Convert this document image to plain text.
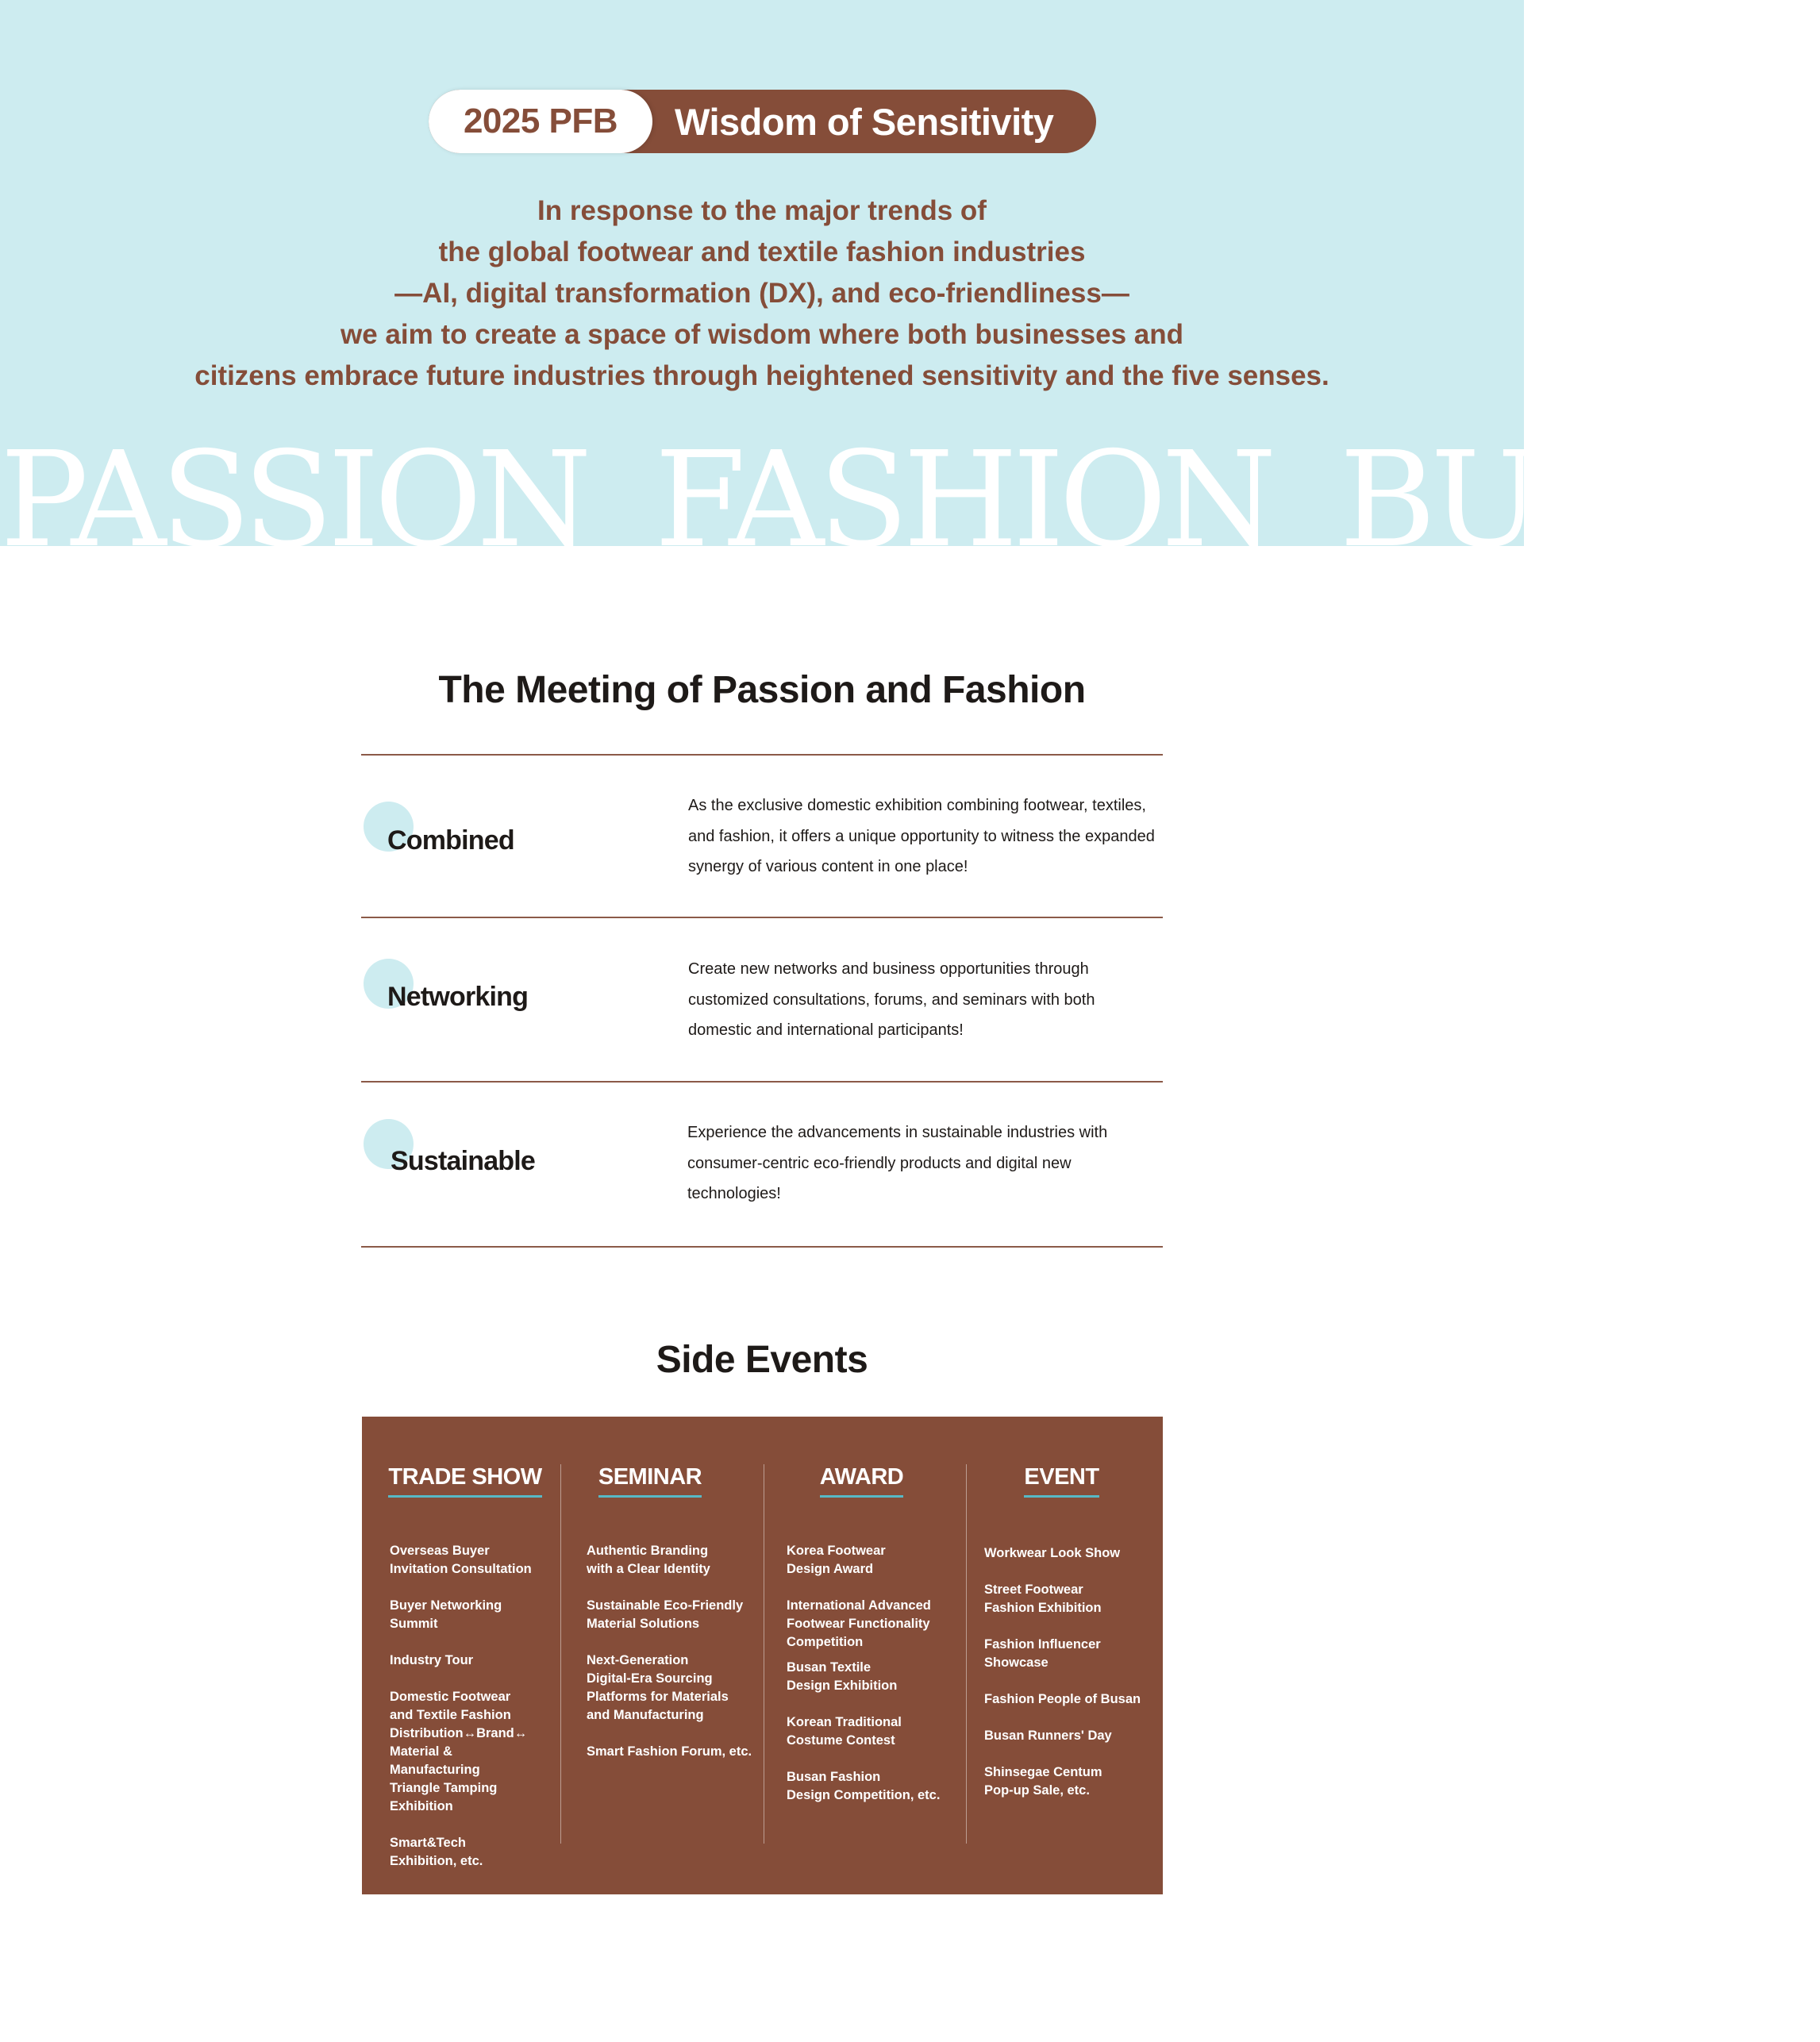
2025 PFB	Wisdom of Sensitivity
In response to the major trends of
the global footwear and textile fashion industries
—AI, digital transformation (DX), and eco-friendliness—
we aim to create a space of wisdom where both businesses and
citizens embrace future industries through heightened sensitivity and the five senses.
PASSION FASHION BUSAN
The Meeting of Passion and Fashion
Combined
As the exclusive domestic exhibition combining footwear, textiles, and fashion, it offers a unique opportunity to witness the expanded synergy of various content in one place!
Networking
Create new networks and business opportunities through customized consultations, forums, and seminars with both domestic and international participants!
Sustainable
Experience the advancements in sustainable industries with consumer-centric eco-friendly products and digital new technologies!
Side Events
TRADE SHOW
Overseas Buyer
Invitation Consultation
Buyer Networking
Summit
Industry Tour
Domestic Footwear
and Textile Fashion
Distribution↔Brand↔
Material & Manufacturing
Triangle Tamping
Exhibition
Smart&Tech
Exhibition, etc.
SEMINAR
Authentic Branding
with a Clear Identity
Sustainable Eco-Friendly
Material Solutions
Next-Generation
Digital-Era Sourcing
Platforms for Materials
and Manufacturing
Smart Fashion Forum, etc.
AWARD
Korea Footwear
Design Award
International Advanced
Footwear Functionality
Competition
Busan Textile
Design Exhibition
Korean Traditional
Costume Contest
Busan Fashion
Design Competition, etc.
EVENT
Workwear Look Show
Street Footwear
Fashion Exhibition
Fashion Influencer
Showcase
Fashion People of Busan
Busan Runners' Day
Shinsegae Centum
Pop-up Sale, etc.
